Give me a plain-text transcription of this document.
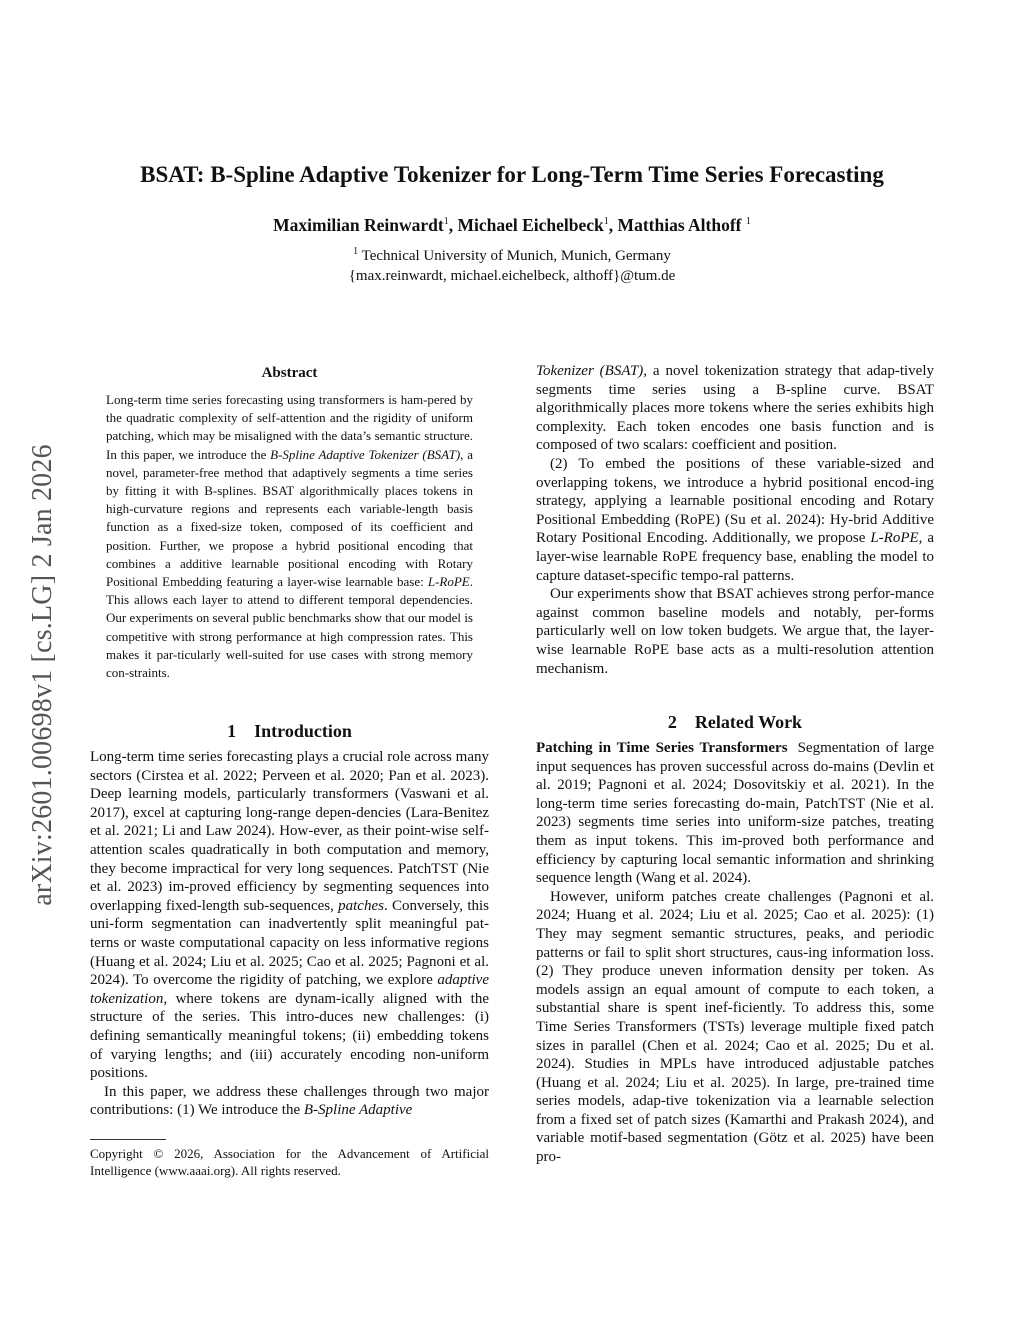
arXiv:2601.00698v1 [cs.LG] 2 Jan 2026
BSAT: B-Spline Adaptive Tokenizer for Long-Term Time Series Forecasting
Maximilian Reinwardt$^1$, Michael Eichelbeck$^1$, Matthias Althoff $^1$
$^1$ Technical University of Munich, Munich, Germany
{max.reinwardt, michael.eichelbeck, althoff}@tum.de
Abstract
Long-term time series forecasting using transformers is ham-pered by the quadratic complexity of self-attention and the rigidity of uniform patching, which may be misaligned with the data’s semantic structure. In this paper, we introduce the B-Spline Adaptive Tokenizer (BSAT), a novel, parameter-free method that adaptively segments a time series by fitting it with B-splines. BSAT algorithmically places tokens in high-curvature regions and represents each variable-length basis function as a fixed-size token, composed of its coefficient and position. Further, we propose a hybrid positional encoding that combines a additive learnable positional encoding with Rotary Positional Embedding featuring a layer-wise learnable base: L-RoPE. This allows each layer to attend to different temporal dependencies. Our experiments on several public benchmarks show that our model is competitive with strong performance at high compression rates. This makes it par-ticularly well-suited for use cases with strong memory con-straints.
1 Introduction

Long-term time series forecasting plays a crucial role across many sectors (Cirstea et al. 2022; Perveen et al. 2020; Pan et al. 2023). Deep learning models, particularly transformers (Vaswani et al. 2017), excel at capturing long-range depen-dencies (Lara-Benitez et al. 2021; Li and Law 2024). How-ever, as their point-wise self-attention scales quadratically in both computation and memory, they become impractical for very long sequences. PatchTST (Nie et al. 2023) im-proved efficiency by segmenting sequences into overlapping fixed-length sub-sequences, patches. Conversely, this uni-form segmentation can inadvertently split meaningful pat-terns or waste computational capacity on less informative regions (Huang et al. 2024; Liu et al. 2025; Cao et al. 2025; Pagnoni et al. 2024). To overcome the rigidity of patching, we explore adaptive tokenization, where tokens are dynam-ically aligned with the structure of the series. This intro-duces new challenges: (i) defining semantically meaningful tokens; (ii) embedding tokens of varying lengths; and (iii) accurately encoding non-uniform positions.

In this paper, we address these challenges through two major contributions: (1) We introduce the B-Spline Adaptive

Copyright © 2026, Association for the Advancement of Artificial Intelligence (www.aaai.org). All rights reserved.

Tokenizer (BSAT), a novel tokenization strategy that adap-tively segments time series using a B-spline curve. BSAT algorithmically places more tokens where the series exhibits high complexity. Each token encodes one basis function and is composed of two scalars: coefficient and position.

(2) To embed the positions of these variable-sized and overlapping tokens, we introduce a hybrid positional encod-ing strategy, applying a learnable positional encoding and Rotary Positional Embedding (RoPE) (Su et al. 2024): Hy-brid Additive Rotary Positional Encoding. Additionally, we propose L-RoPE, a layer-wise learnable RoPE frequency base, enabling the model to capture dataset-specific tempo-ral patterns.

Our experiments show that BSAT achieves strong perfor-mance against common baseline models and notably, per-forms particularly well on low token budgets. We argue that, the layer-wise learnable RoPE base acts as a multi-resolution attention mechanism.

2 Related Work

Patching in Time Series Transformers Segmentation of large input sequences has proven successful across do-mains (Devlin et al. 2019; Pagnoni et al. 2024; Dosovitskiy et al. 2021). In the long-term time series forecasting do-main, PatchTST (Nie et al. 2023) segments time series into uniform-size patches, treating them as input tokens. This im-proved both performance and efficiency by capturing local semantic information and shrinking sequence length (Wang et al. 2024).

However, uniform patches create challenges (Pagnoni et al. 2024; Huang et al. 2024; Liu et al. 2025; Cao et al. 2025): (1) They may segment semantic structures, peaks, and periodic patterns or fail to split short structures, caus-ing information loss. (2) They produce uneven information density per token. As models assign an equal amount of compute to each token, a substantial share is spent inef-ficiently. To address this, some Time Series Transformers (TSTs) leverage multiple fixed patch sizes in parallel (Chen et al. 2024; Cao et al. 2025; Du et al. 2024). Studies in MPLs have introduced adjustable patches (Huang et al. 2024; Liu et al. 2025). In large, pre-trained time series models, adap-tive tokenization via a learnable selection from a fixed set of patch sizes (Kamarthi and Prakash 2024), and variable motif-based segmentation (Götz et al. 2025) have been pro-
